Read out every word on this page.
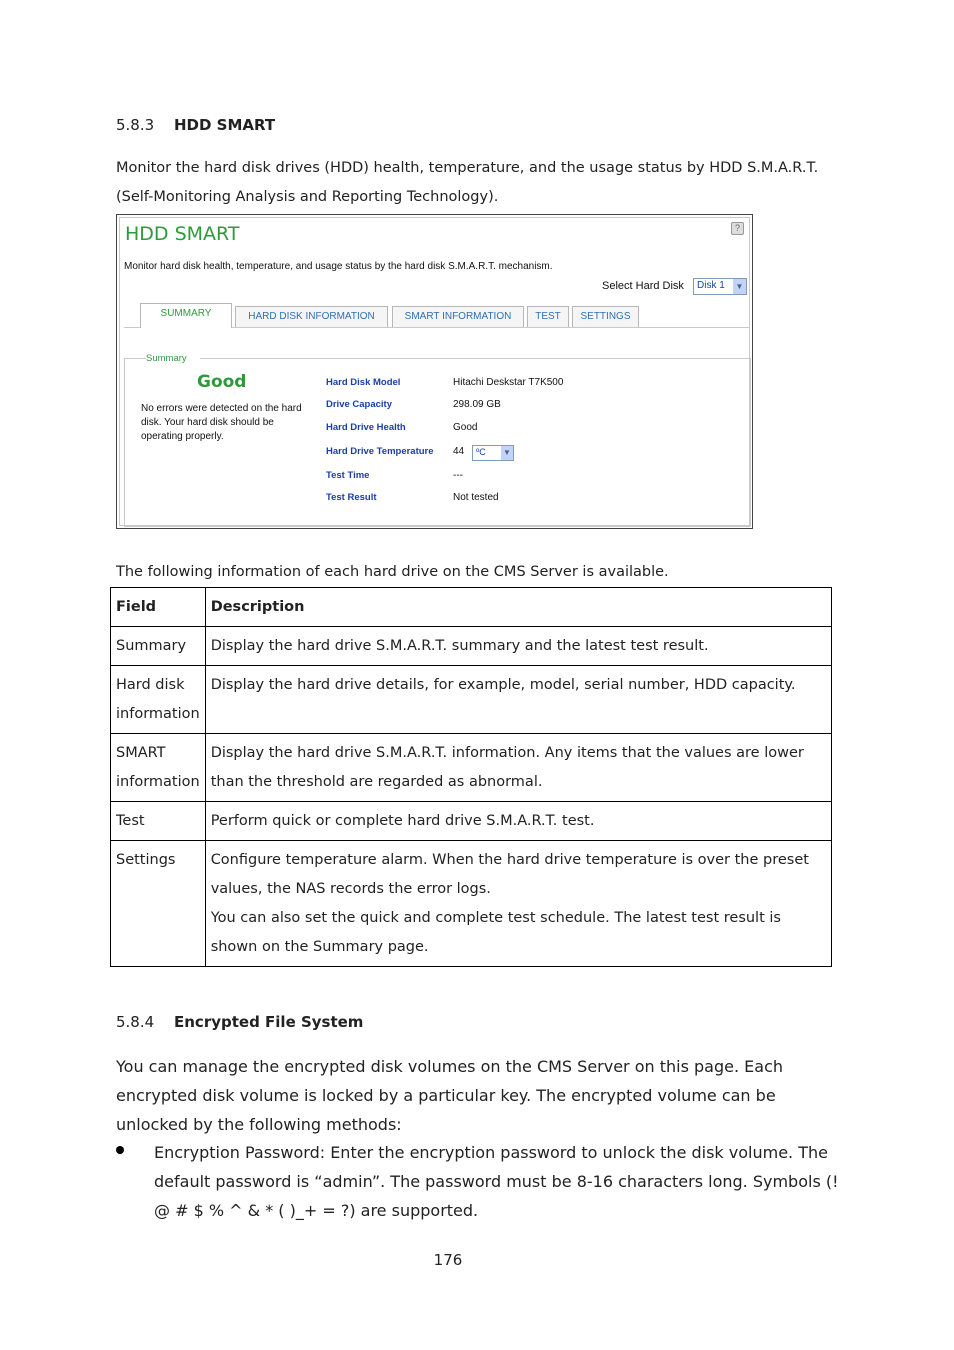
5.8.3 HDD SMART
Monitor the hard disk drives (HDD) health, temperature, and the usage status by HDD S.M.A.R.T.
(Self-Monitoring Analysis and Reporting Technology).
HDD SMART	?
Monitor hard disk health, temperature, and usage status by the hard disk S.M.A.R.T. mechanism.
Select Hard Disk Disk 1	▼
SUMMARY	HARD DISK INFORMATION	SMART INFORMATION	TEST	SETTINGS
Summary
Good
No errors were detected on the hard disk. Your hard disk should be operating properly.
Hard Disk Model	Hitachi Deskstar T7K500
Drive Capacity	298.09 GB
Hard Drive Health	Good
Hard Drive Temperature 44 ºC ▼
Test Time	---
Test Result	Not tested
The following information of each hard drive on the CMS Server is available.
Field	Description
Summary	Display the hard drive S.M.A.R.T. summary and the latest test result.
Hard disk information	Display the hard drive details, for example, model, serial number, HDD capacity.
SMART information	Display the hard drive S.M.A.R.T. information. Any items that the values are lower than the threshold are regarded as abnormal.
Test	Perform quick or complete hard drive S.M.A.R.T. test.
Settings	Configure temperature alarm. When the hard drive temperature is over the preset values, the NAS records the error logs.
You can also set the quick and complete test schedule. The latest test result is shown on the Summary page.
5.8.4 Encrypted File System
You can manage the encrypted disk volumes on the CMS Server on this page. Each encrypted disk volume is locked by a particular key. The encrypted volume can be unlocked by the following methods:
Encryption Password: Enter the encryption password to unlock the disk volume. The default password is “admin”. The password must be 8-16 characters long. Symbols (! @ # $ % ^ & * ( )_+ = ?) are supported.
176
